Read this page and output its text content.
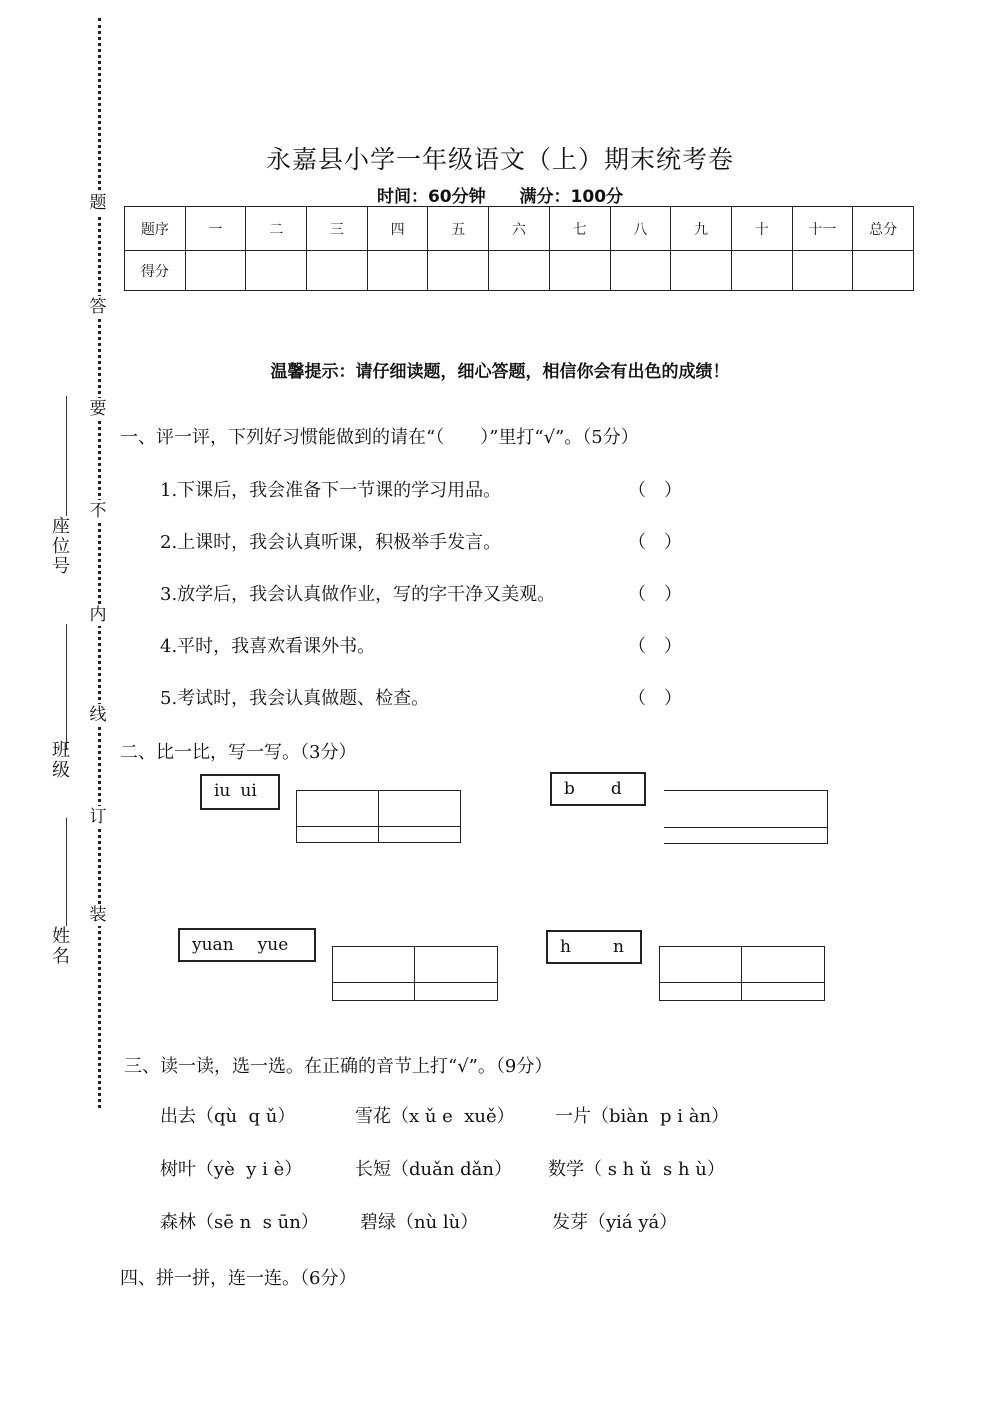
题
答
要
不
内
线
订
装
座位号
班级
姓名
永嘉县小学一年级语文（上）期末统考卷
时间：60分钟 满分：100分
题序	一	二	三	四	五	六	七	八	九	十	十一	总分
得分												
温馨提示：请仔细读题，细心答题，相信你会有出色的成绩！
一、评一评，下列好习惯能做到的请在“（　　）”里打“√”。（5分）
1.下课后，我会准备下一节课的学习用品。	（）
2.上课时，我会认真听课，积极举手发言。	（）
3.放学后，我会认真做作业，写的字干净又美观。	（）
4.平时，我喜欢看课外书。	（）
5.考试时，我会认真做题、检查。	（）
二、比一比，写一写。（3分）
iu ui	b d
yuan yue	h n
三、读一读，选一选。在正确的音节上打“√”。（9分）
出去（qù  q ǔ）	雪花（x ǔ e  xuě） 一片（biàn  p i àn）
树叶（yè  y i è）	长短（duǎn dǎn） 数学（ s h ǔ  s h ù）
森林（sē n  s ūn） 碧绿（nù lù）	发芽（yiá yá）
四、拼一拼，连一连。（6分）
